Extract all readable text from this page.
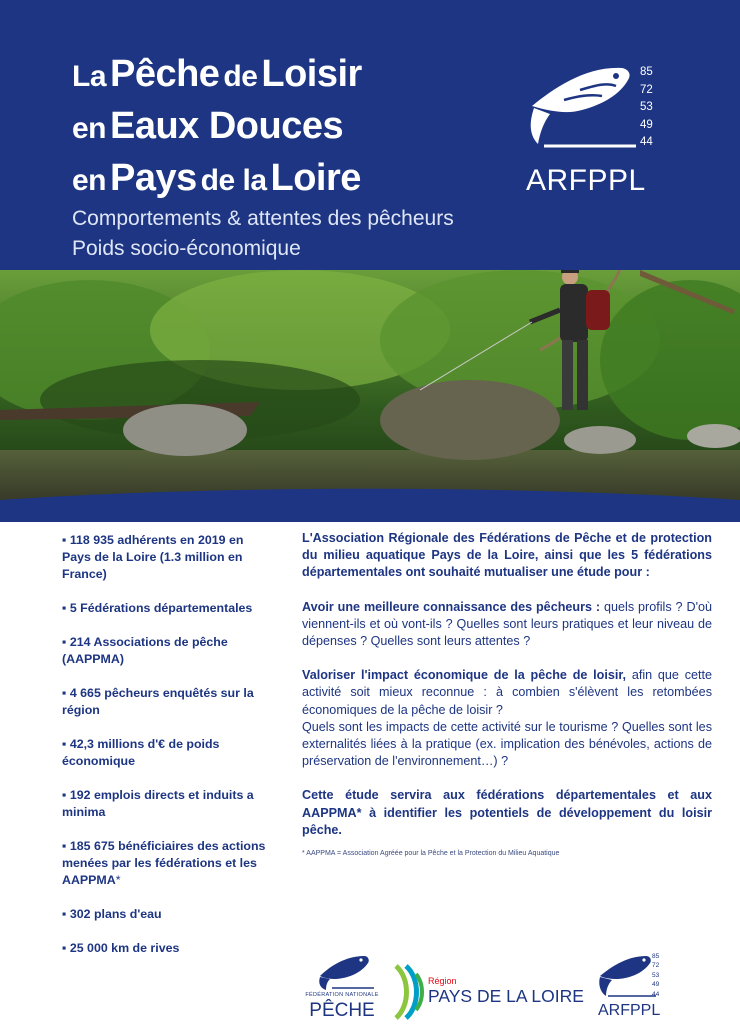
La Pêche de Loisir
en Eaux Douces
en Pays de la Loire
Comportements & attentes des pêcheurs
Poids socio-économique
85
72
53
49
44
ARFPPL
▪ 118 935 adhérents en 2019 en Pays de la Loire (1.3 million en France)
▪ 5 Fédérations départementales
▪ 214 Associations de pêche (AAPPMA)
▪ 4 665 pêcheurs enquêtés sur la région
▪ 42,3 millions d'€ de poids économique
▪ 192 emplois directs et induits a minima
▪ 185 675 bénéficiaires des actions menées par les fédérations et les AAPPMA*
▪ 302 plans d'eau
▪ 25 000 km de rives

L'Association Régionale des Fédérations de Pêche et de protection du milieu aquatique Pays de la Loire, ainsi que les 5 fédérations départementales ont souhaité mutualiser une étude pour :

Avoir une meilleure connaissance des pêcheurs : quels profils ? D'où viennent-ils et où vont-ils ? Quelles sont leurs pratiques et leur niveau de dépenses ? Quelles sont leurs attentes ?

Valoriser l'impact économique de la pêche de loisir, afin que cette activité soit mieux reconnue : à combien s'élèvent les retombées économiques de la pêche de loisir ?
Quels sont les impacts de cette activité sur le tourisme ? Quelles sont les externalités liées à la pratique (ex. implication des bénévoles, actions de préservation de l'environnement…) ?

Cette étude servira aux fédérations départementales et aux AAPPMA* à identifier les potentiels de développement du loisir pêche.

* AAPPMA = Association Agréée pour la Pêche et la Protection du Milieu Aquatique
FÉDÉRATION NATIONALE
PÊCHE
Région
PAYS DE LA LOIRE
85
72
53
49
44
ARFPPL
